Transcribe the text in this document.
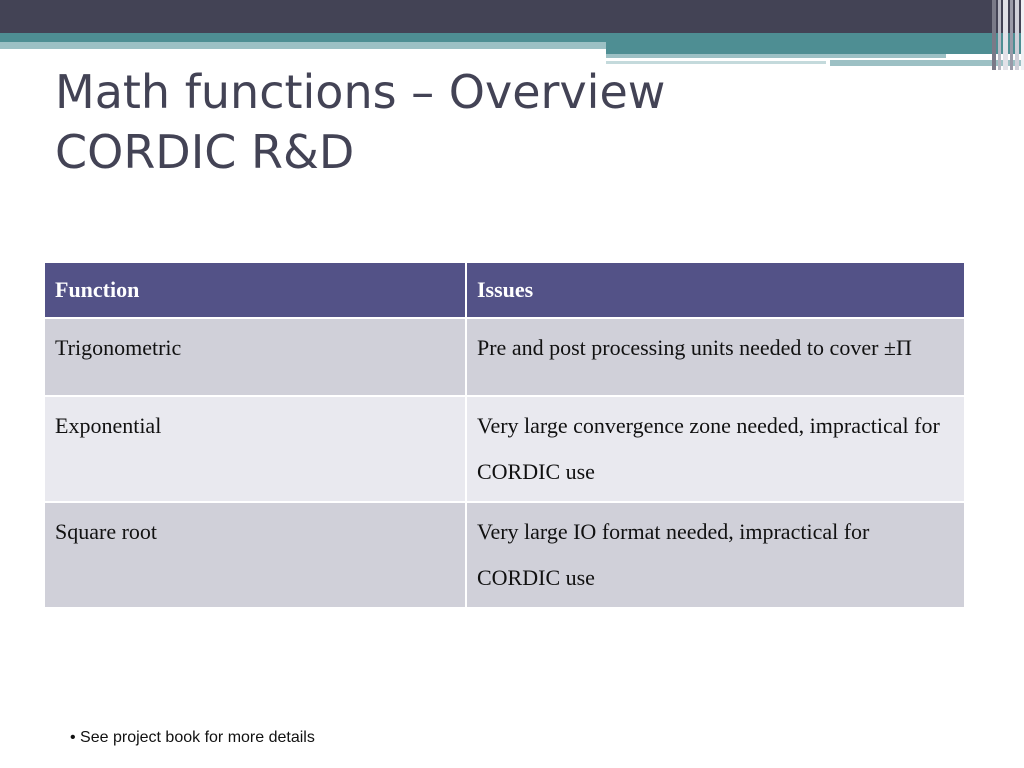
Math functions – Overview
CORDIC R&D
Function	Issues

Trigonometric	Pre and post processing units needed to cover ±Π

Exponential	Very large convergence zone needed, impractical for CORDIC use

Square root	Very large IO format needed, impractical for CORDIC use
• See project book for more details
